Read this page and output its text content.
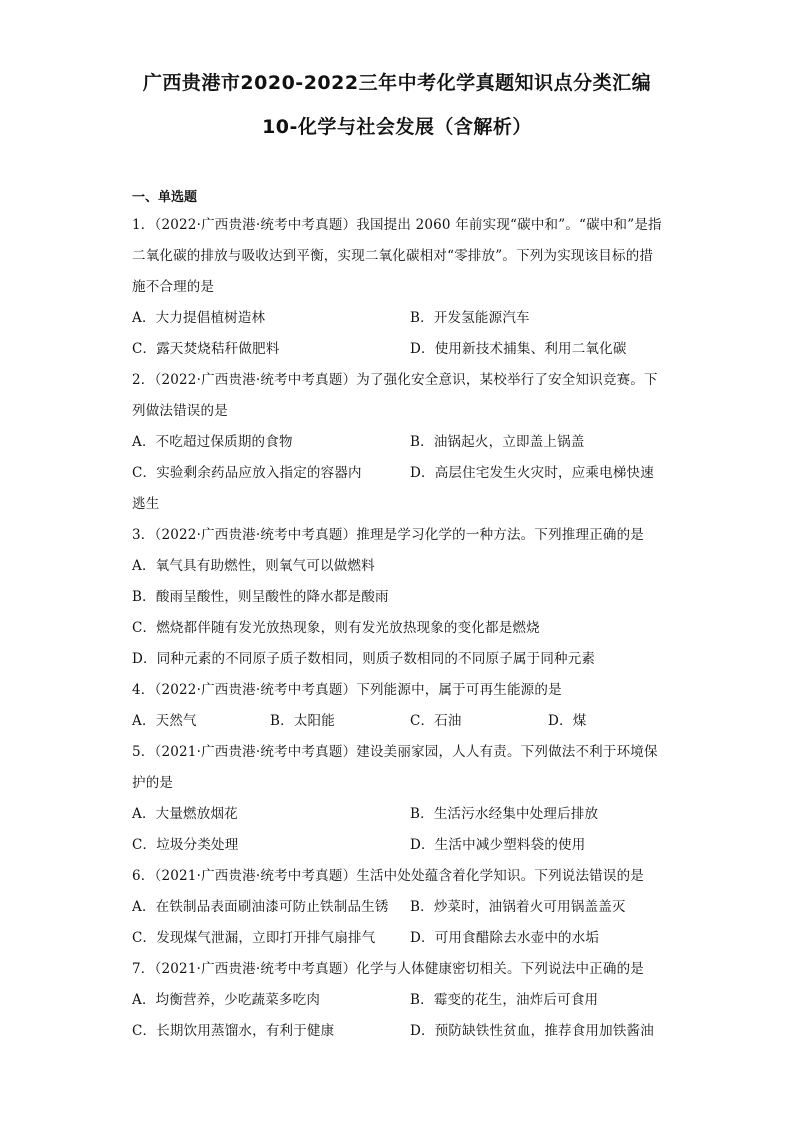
广西贵港市2020-2022三年中考化学真题知识点分类汇编
10-化学与社会发展（含解析）
一、单选题
1．（2022·广西贵港·统考中考真题）我国提出 2060 年前实现“碳中和”。“碳中和”是指
二氧化碳的排放与吸收达到平衡，实现二氧化碳相对“零排放”。下列为实现该目标的措
施不合理的是
A．大力提倡植树造林	B．开发氢能源汽车
C．露天焚烧秸秆做肥料	D．使用新技术捕集、利用二氧化碳
2．（2022·广西贵港·统考中考真题）为了强化安全意识，某校举行了安全知识竞赛。下
列做法错误的是
A．不吃超过保质期的食物	B．油锅起火，立即盖上锅盖
C．实验剩余药品应放入指定的容器内	D．高层住宅发生火灾时，应乘电梯快速
逃生
3．（2022·广西贵港·统考中考真题）推理是学习化学的一种方法。下列推理正确的是
A．氧气具有助燃性，则氧气可以做燃料
B．酸雨呈酸性，则呈酸性的降水都是酸雨
C．燃烧都伴随有发光放热现象，则有发光放热现象的变化都是燃烧
D．同种元素的不同原子质子数相同，则质子数相同的不同原子属于同种元素
4．（2022·广西贵港·统考中考真题）下列能源中，属于可再生能源的是
A．天然气	B．太阳能	C．石油	D．煤
5．（2021·广西贵港·统考中考真题）建设美丽家园，人人有责。下列做法不利于环境保
护的是
A．大量燃放烟花	B．生活污水经集中处理后排放
C．垃圾分类处理	D．生活中减少塑料袋的使用
6．（2021·广西贵港·统考中考真题）生活中处处蕴含着化学知识。下列说法错误的是
A．在铁制品表面刷油漆可防止铁制品生锈 B．炒菜时，油锅着火可用锅盖盖灭
C．发现煤气泄漏，立即打开排气扇排气	D．可用食醋除去水壶中的水垢
7．（2021·广西贵港·统考中考真题）化学与人体健康密切相关。下列说法中正确的是
A．均衡营养，少吃蔬菜多吃肉	B．霉变的花生，油炸后可食用
C．长期饮用蒸馏水，有利于健康	D．预防缺铁性贫血，推荐食用加铁酱油
